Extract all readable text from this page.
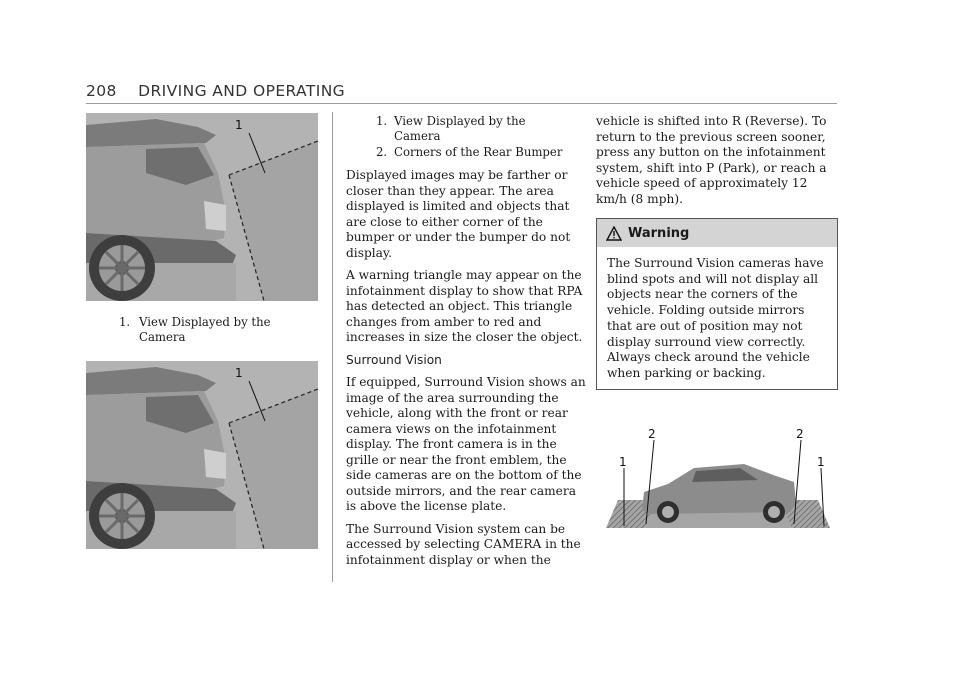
208 DRIVING AND OPERATING
1
1. View Displayed by the Camera
1
1. View Displayed by the Camera
2. Corners of the Rear Bumper

Displayed images may be farther or closer than they appear. The area displayed is limited and objects that are close to either corner of the bumper or under the bumper do not display.

A warning triangle may appear on the infotainment display to show that RPA has detected an object. This triangle changes from amber to red and increases in size the closer the object.

Surround Vision

If equipped, Surround Vision shows an image of the area surrounding the vehicle, along with the front or rear camera views on the infotainment display. The front camera is in the grille or near the front emblem, the side cameras are on the bottom of the outside mirrors, and the rear camera is above the license plate.

The Surround Vision system can be accessed by selecting CAMERA in the infotainment display or when the

vehicle is shifted into R (Reverse). To return to the previous screen sooner, press any button on the infotainment system, shift into P (Park), or reach a vehicle speed of approximately 12 km/h (8 mph).

Warning
The Surround Vision cameras have blind spots and will not display all objects near the corners of the vehicle. Folding outside mirrors that are out of position may not display surround view correctly. Always check around the vehicle when parking or backing.
1
2	2
1
